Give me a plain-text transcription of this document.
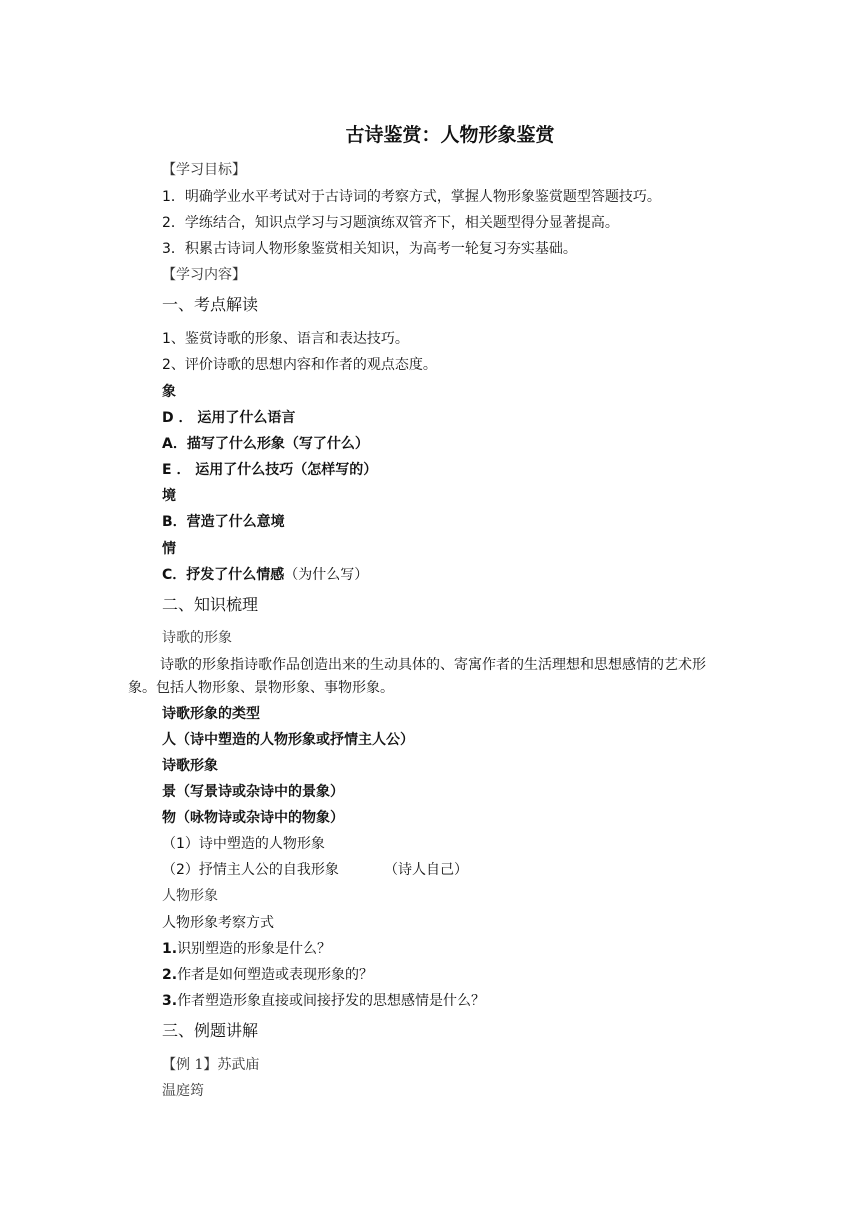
古诗鉴赏：人物形象鉴赏
【学习目标】
1．明确学业水平考试对于古诗词的考察方式，掌握人物形象鉴赏题型答题技巧。
2．学练结合，知识点学习与习题演练双管齐下，相关题型得分显著提高。
3．积累古诗词人物形象鉴赏相关知识，为高考一轮复习夯实基础。
【学习内容】
一、考点解读
1、鉴赏诗歌的形象、语言和表达技巧。
2、评价诗歌的思想内容和作者的观点态度。
象
D ． 运用了什么语言
A．描写了什么形象（写了什么）
E ． 运用了什么技巧（怎样写的）
境
B．营造了什么意境
情
C．抒发了什么情感（为什么写）
二、知识梳理
诗歌的形象
诗歌的形象指诗歌作品创造出来的生动具体的、寄寓作者的生活理想和思想感情的艺术形象。包括人物形象、景物形象、事物形象。
诗歌形象的类型
人（诗中塑造的人物形象或抒情主人公）
诗歌形象
景（写景诗或杂诗中的景象）
物（咏物诗或杂诗中的物象）
（1）诗中塑造的人物形象
（2）抒情主人公的自我形象	（诗人自己）
人物形象
人物形象考察方式
1.识别塑造的形象是什么？
2.作者是如何塑造或表现形象的？
3.作者塑造形象直接或间接抒发的思想感情是什么？
三、例题讲解
【例 1】苏武庙
温庭筠
